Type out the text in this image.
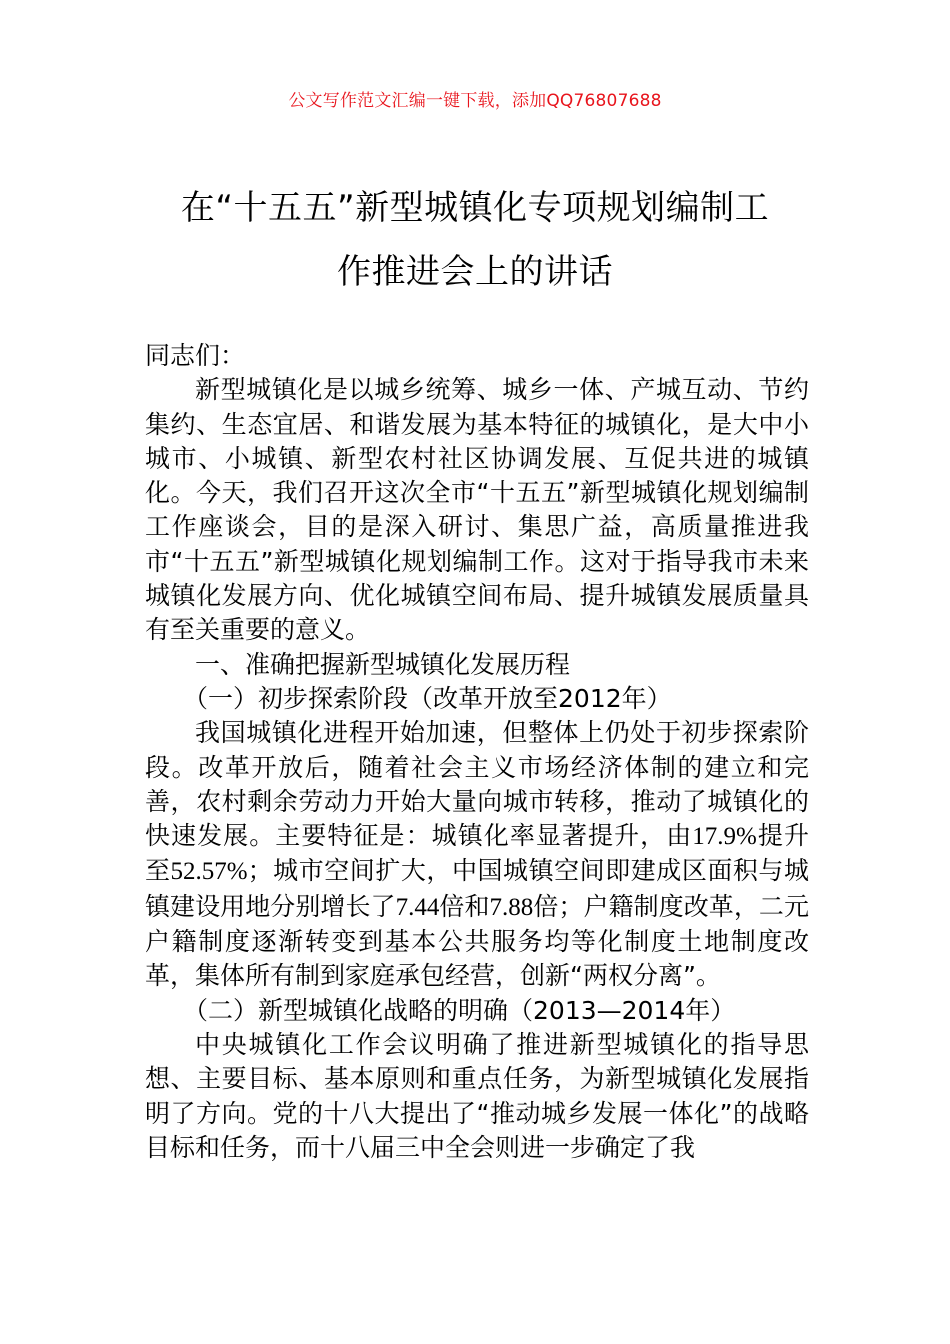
公文写作范文汇编一键下载，添加QQ76807688
在“十五五”新型城镇化专项规划编制工
作推进会上的讲话

同志们：

新型城镇化是以城乡统筹、城乡一体、产城互动、节约集约、生态宜居、和谐发展为基本特征的城镇化，是大中小城市、小城镇、新型农村社区协调发展、互促共进的城镇化。今天，我们召开这次全市“十五五”新型城镇化规划编制工作座谈会，目的是深入研讨、集思广益，高质量推进我市“十五五”新型城镇化规划编制工作。这对于指导我市未来城镇化发展方向、优化城镇空间布局、提升城镇发展质量具有至关重要的意义。

一、准确把握新型城镇化发展历程

（一）初步探索阶段（改革开放至2012年）

我国城镇化进程开始加速，但整体上仍处于初步探索阶段。改革开放后，随着社会主义市场经济体制的建立和完善，农村剩余劳动力开始大量向城市转移，推动了城镇化的快速发展。主要特征是：城镇化率显著提升，由17.9%提升至52.57%；城市空间扩大，中国城镇空间即建成区面积与城镇建设用地分别增长了7.44倍和7.88倍；户籍制度改革，二元户籍制度逐渐转变到基本公共服务均等化制度土地制度改革，集体所有制到家庭承包经营，创新“两权分离”。

（二）新型城镇化战略的明确（2013—2014年）

中央城镇化工作会议明确了推进新型城镇化的指导思想、主要目标、基本原则和重点任务，为新型城镇化发展指明了方向。党的十八大提出了“推动城乡发展一体化”的战略目标和任务，而十八届三中全会则进一步确定了我
